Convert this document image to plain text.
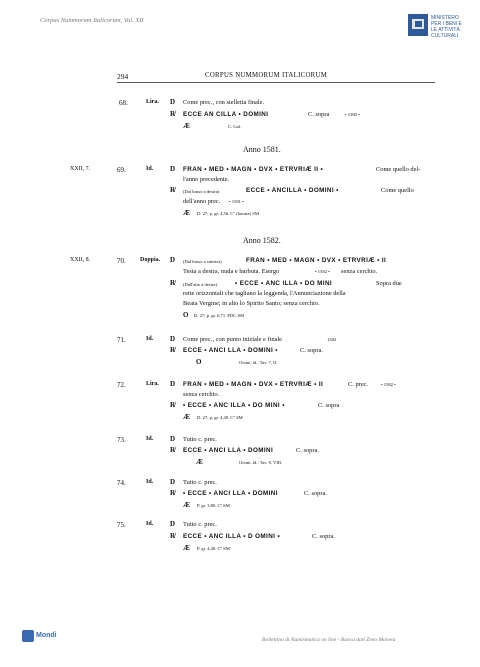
Corpus Nummorum Italicorum, Vol. XII	MINISTERO PER I BENI E LE ATTIVITÀ CULTURALI
294	CORPUS NUMMORUM ITALICORUM
68.	Lira. D Come prec., con stelletta finale.
R̸ ECCE AN CILLA • DOMINI	C. sopra	• 1580 •
Æ	C. Gal.
Anno 1581.
XXII, 7.	69.	Id. D FRAN • MED • MAGN • DVX • ETRVRIÆ II •	Come quello del-
l'anno precedente.
R̸ (Dal basso a destra)	ECCE • ANCILLA • DOMINI •	Come quello
dell'anno prec. • 1581 •
Æ D. 27; p. gr. 4,56. Cº (bucata) SM
Anno 1582.
XXII, 8.	70. Doppia. D (Dal basso a sinistra)	FRAN • MED • MAGN • DVX • ETRVRIÆ • II
Testa a destra, nuda e barbuta. Esergo	• 1582 • senza cerchio.
R̸ (Dall'alto a destra)	• ECCE • ANC ILLA • DO MINI	Sopra due
rette orizzontali che tagliano la leggenda, l'Annunciazione della
Beata Vergine; in alto lo Spirito Santo; senza cerchio.
O D. 27; p. gr. 6,71. FDC SM
71.	Id. D Come prec., con punto iniziale e finale	1582
R̸ ECCE • ANCI LLA • DOMINI •	C. sopra.
O	Orsini, id., Tav. 7, II.
72.	Lira. D FRAN • MED • MAGN • DVX • ETRVRIÆ • II	C. prec.	• 1582 •
senza cerchio.
R̸ • ECCE • ANC ILLA • DO MINI •	C. sopra
Æ D. 27; p. gr. 4,49. Cº SM
73.	Id. D Tutto c. prec.
R̸ ECCE • ANCI LLA • DOMINI	C. sopra.
Æ	Orsini, id., Tav. 8, VIII.
74.	Id. D Tutto c. prec.
R̸ • ECCE • ANCI LLA • DOMINI	C. sopra.
Æ P. gr. 3,80. Cº SM
75.	Id. D Tutto c. prec.
R̸ ECCE • ANC ILLA • D OMINI •	C. sopra.
Æ P. gr. 4,40. Cº SM
Mondi
Bollettino di Numismatica on line - Banca dati Zeno Moneta
